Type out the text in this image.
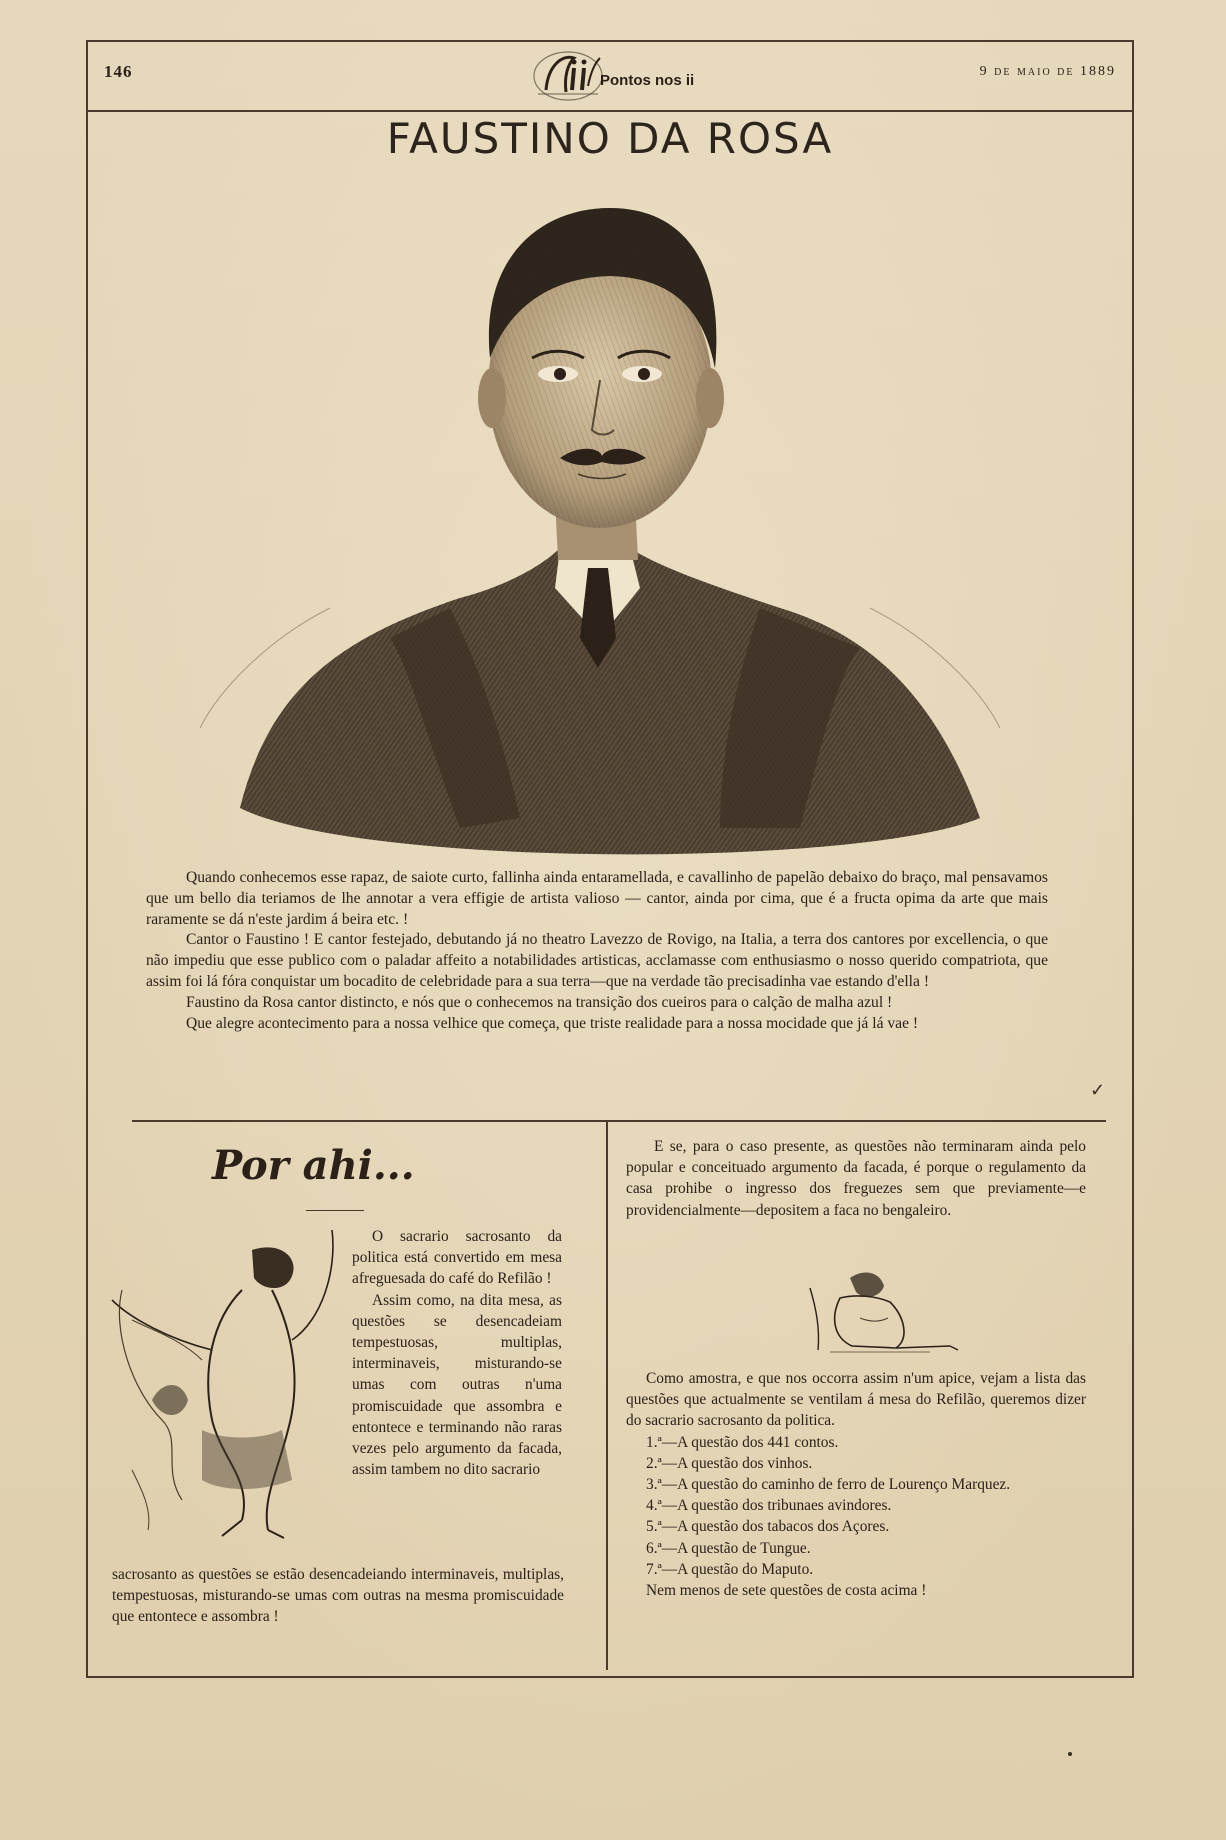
146	Pontos nos ii
9 de maio de 1889
FAUSTINO DA ROSA

Quando conhecemos esse rapaz, de saiote curto, fallinha ainda entaramellada, e cavallinho de papelão debaixo do braço, mal pensavamos que um bello dia teriamos de lhe annotar a vera effigie de artista valioso — cantor, ainda por cima, que é a fructa opima da arte que mais raramente se dá n'este jardim á beira etc. !

Cantor o Faustino ! E cantor festejado, debutando já no theatro Lavezzo de Rovigo, na Italia, a terra dos cantores por excellencia, o que não impediu que esse publico com o paladar affeito a notabilidades artisticas, acclamasse com enthusiasmo o nosso querido compatriota, que assim foi lá fóra conquistar um bocadito de celebridade para a sua terra—que na verdade tão precisadinha vae estando d'ella !

Faustino da Rosa cantor distincto, e nós que o conhecemos na transição dos cueiros para o calção de malha azul !

Que alegre acontecimento para a nossa velhice que começa, que triste realidade para a nossa mocidade que já lá vae !

✓
Por ahi...

O sacrario sacrosanto da politica está convertido em mesa afreguesada do café do Refilão !

Assim como, na dita mesa, as questões se desencadeiam tempestuosas, multiplas, interminaveis, misturando-se umas com outras n'uma promiscuidade que assombra e entontece e terminando não raras vezes pelo argumento da facada, assim tambem no dito sacrario

sacrosanto as questões se estão desencadeiando interminaveis, multiplas, tempestuosas, misturando-se umas com outras na mesma promiscuidade que entontece e assombra !

E se, para o caso presente, as questões não terminaram ainda pelo popular e conceituado argumento da facada, é porque o regulamento da casa prohibe o ingresso dos freguezes sem que previamente—e providencialmente—depositem a faca no bengaleiro.

Como amostra, e que nos occorra assim n'um apice, vejam a lista das questões que actualmente se ventilam á mesa do Refilão, queremos dizer do sacrario sacrosanto da politica.

1.ª—A questão dos 441 contos.

2.ª—A questão dos vinhos.

3.ª—A questão do caminho de ferro de Lourenço Marquez.

4.ª—A questão dos tribunaes avindores.

5.ª—A questão dos tabacos dos Açores.

6.ª—A questão de Tungue.

7.ª—A questão do Maputo.

Nem menos de sete questões de costa acima !
